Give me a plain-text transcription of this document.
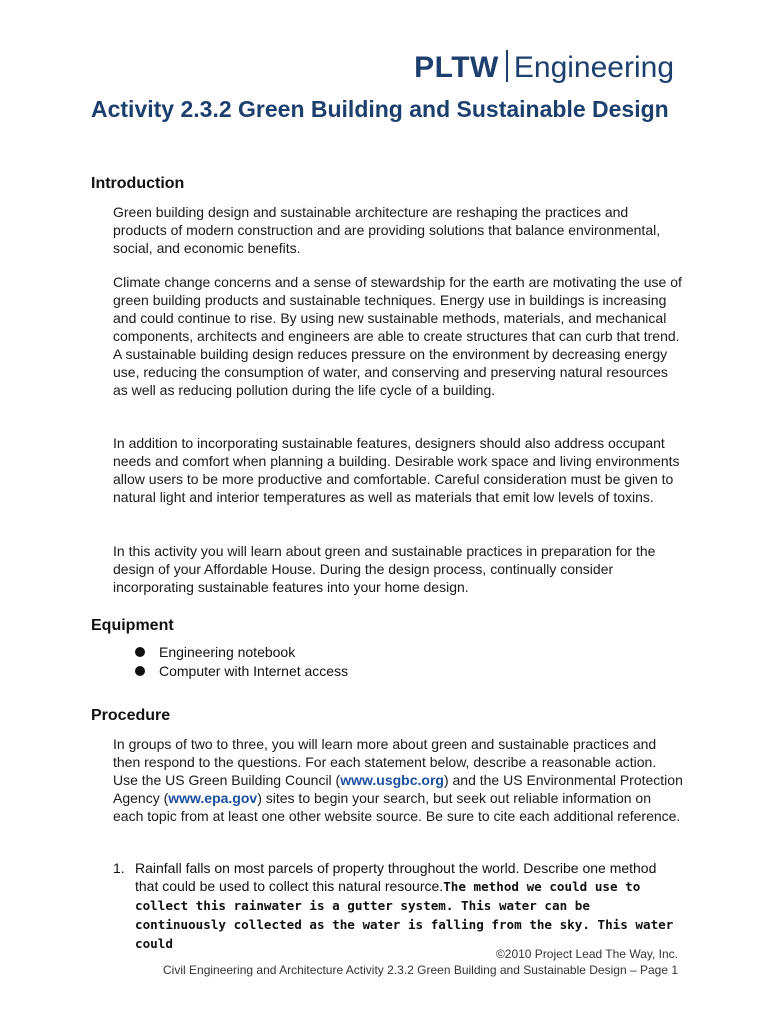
PLTW Engineering
Activity 2.3.2 Green Building and Sustainable Design
Introduction

Green building design and sustainable architecture are reshaping the practices and products of modern construction and are providing solutions that balance environmental, social, and economic benefits.

Climate change concerns and a sense of stewardship for the earth are motivating the use of green building products and sustainable techniques. Energy use in buildings is increasing and could continue to rise. By using new sustainable methods, materials, and mechanical components, architects and engineers are able to create structures that can curb that trend. A sustainable building design reduces pressure on the environment by decreasing energy use, reducing the consumption of water, and conserving and preserving natural resources as well as reducing pollution during the life cycle of a building.

In addition to incorporating sustainable features, designers should also address occupant needs and comfort when planning a building. Desirable work space and living environments allow users to be more productive and comfortable. Careful consideration must be given to natural light and interior temperatures as well as materials that emit low levels of toxins.

In this activity you will learn about green and sustainable practices in preparation for the design of your Affordable House. During the design process, continually consider incorporating sustainable features into your home design.

Equipment
Engineering notebook
Computer with Internet access
Procedure

In groups of two to three, you will learn more about green and sustainable practices and then respond to the questions. For each statement below, describe a reasonable action. Use the US Green Building Council (www.usgbc.org) and the US Environmental Protection Agency (www.epa.gov) sites to begin your search, but seek out reliable information on each topic from at least one other website source. Be sure to cite each additional reference.

1. Rainfall falls on most parcels of property throughout the world. Describe one method that could be used to collect this natural resource.The method we could use to collect this rainwater is a gutter system. This water can be continuously collected as the water is falling from the sky. This water could
©2010 Project Lead The Way, Inc.
Civil Engineering and Architecture Activity 2.3.2 Green Building and Sustainable Design – Page 1
